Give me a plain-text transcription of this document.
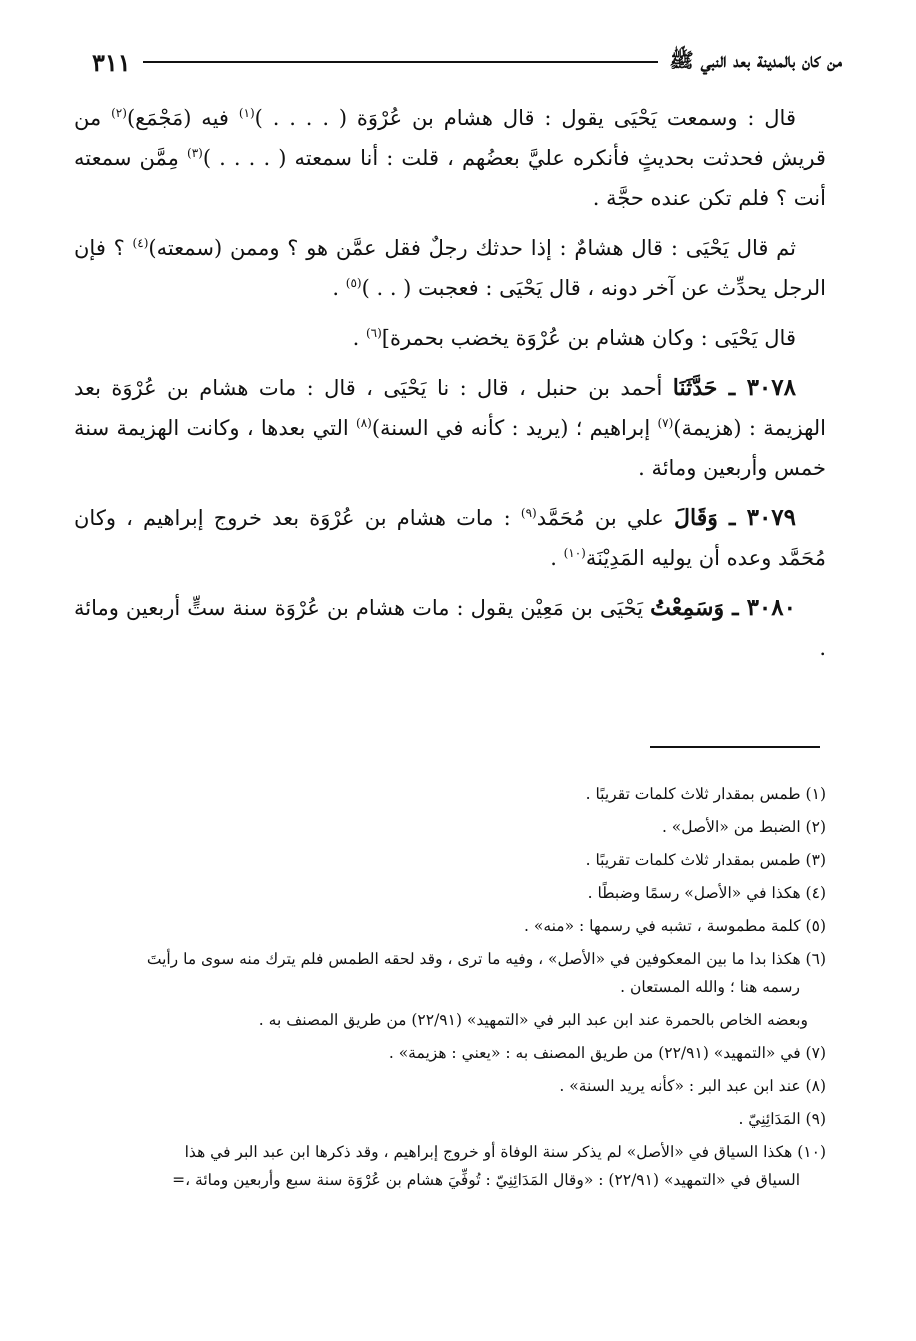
من كان بالمدينة بعد النبي ﷺ
٣١١

قال : وسمعت يَحْيَى يقول : قال هشام بن عُرْوَة ( . . . . )$^{(١)}$ فيه (مَجْمَع)$^{(٢)}$ من قريش فحدثت بحديثٍ فأنكره عليَّ بعضُهم ، قلت : أنا سمعته ( . . . . )$^{(٣)}$ مِمَّن سمعته أنت ؟ فلم تكن عنده حجَّة .

ثم قال يَحْيَى : قال هشامٌ : إذا حدثك رجلٌ فقل عمَّن هو ؟ وممن (سمعته)$^{(٤)}$ ؟ فإن الرجل يحدِّث عن آخر دونه ، قال يَحْيَى : فعجبت ( . . )$^{(٥)}$ .

قال يَحْيَى : وكان هشام بن عُرْوَة يخضب بحمرة]$^{(٦)}$ .

٣٠٧٨ ـ حَدَّثَنَا أحمد بن حنبل ، قال : نا يَحْيَى ، قال : مات هشام بن عُرْوَة بعد الهزيمة : (هزيمة)$^{(٧)}$ إبراهيم ؛ (يريد : كأنه في السنة)$^{(٨)}$ التي بعدها ، وكانت الهزيمة سنة خمس وأربعين ومائة .

٣٠٧٩ ـ وَقَالَ علي بن مُحَمَّد$^{(٩)}$ : مات هشام بن عُرْوَة بعد خروج إبراهيم ، وكان مُحَمَّد وعده أن يوليه المَدِيْنَة$^{(١٠)}$ .

٣٠٨٠ ـ وَسَمِعْتُ يَحْيَى بن مَعِيْن يقول : مات هشام بن عُرْوَة سنة ستٍّ أربعين ومائة .

(١) طمس بمقدار ثلاث كلمات تقريبًا .
(٢) الضبط من «الأصل» .
(٣) طمس بمقدار ثلاث كلمات تقريبًا .
(٤) هكذا في «الأصل» رسمًا وضبطًا .
(٥) كلمة مطموسة ، تشبه في رسمها : «منه» .
(٦) هكذا بدا ما بين المعكوفين في «الأصل» ، وفيه ما ترى ، وقد لحقه الطمس فلم يترك منه سوى ما رأيتَ
رسمه هنا ؛ والله المستعان .
وبعضه الخاص بالحمرة عند ابن عبد البر في «التمهيد» (٢٢/٩١) من طريق المصنف به .
(٧) في «التمهيد» (٢٢/٩١) من طريق المصنف به : «يعني : هزيمة» .
(٨) عند ابن عبد البر : «كأنه يريد السنة» .
(٩) المَدَائِنِيّ .
(١٠) هكذا السياق في «الأصل» لم يذكر سنة الوفاة أو خروج إبراهيم ، وقد ذكرها ابن عبد البر في هذا
السياق في «التمهيد» (٢٢/٩١) : «وقال المَدَائِنِيّ : تُوفِّيَ هشام بن عُرْوَة سنة سبع وأربعين ومائة ،=
